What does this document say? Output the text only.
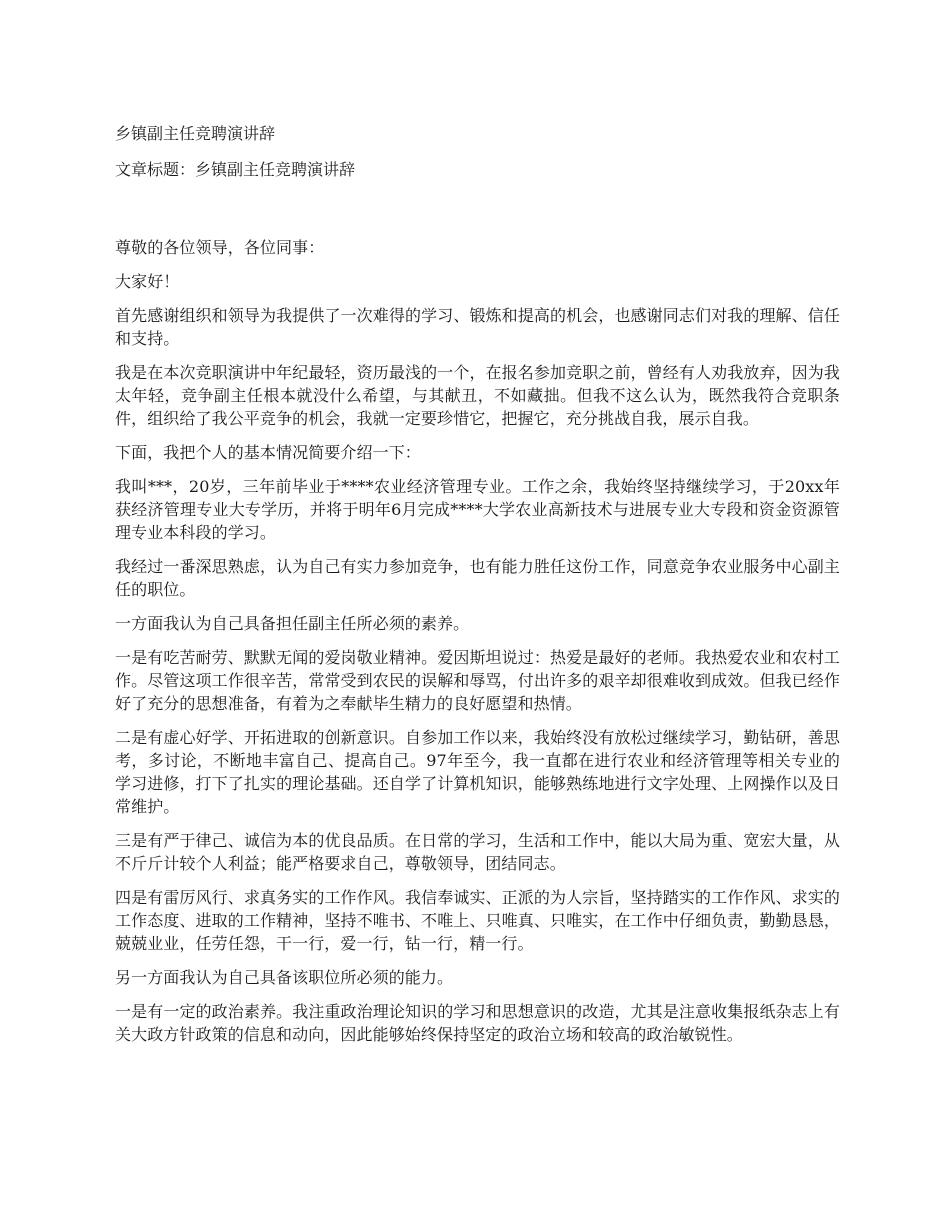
乡镇副主任竞聘演讲辞
文章标题：乡镇副主任竞聘演讲辞
尊敬的各位领导，各位同事：
大家好！
首先感谢组织和领导为我提供了一次难得的学习、锻炼和提高的机会，也感谢同志们对我的理解、信任和支持。
我是在本次竞职演讲中年纪最轻，资历最浅的一个，在报名参加竞职之前，曾经有人劝我放弃，因为我太年轻，竞争副主任根本就没什么希望，与其献丑，不如藏拙。但我不这么认为，既然我符合竞职条件，组织给了我公平竞争的机会，我就一定要珍惜它，把握它，充分挑战自我，展示自我。
下面，我把个人的基本情况简要介绍一下：
我叫***，20岁，三年前毕业于****农业经济管理专业。工作之余，我始终坚持继续学习，于20xx年获经济管理专业大专学历，并将于明年6月完成****大学农业高新技术与进展专业大专段和资金资源管理专业本科段的学习。
我经过一番深思熟虑，认为自己有实力参加竞争，也有能力胜任这份工作，同意竞争农业服务中心副主任的职位。
一方面我认为自己具备担任副主任所必须的素养。
一是有吃苦耐劳、默默无闻的爱岗敬业精神。爱因斯坦说过：热爱是最好的老师。我热爱农业和农村工作。尽管这项工作很辛苦，常常受到农民的误解和辱骂，付出许多的艰辛却很难收到成效。但我已经作好了充分的思想准备，有着为之奉献毕生精力的良好愿望和热情。
二是有虚心好学、开拓进取的创新意识。自参加工作以来，我始终没有放松过继续学习，勤钻研，善思考，多讨论，不断地丰富自己、提高自己。97年至今，我一直都在进行农业和经济管理等相关专业的学习进修，打下了扎实的理论基础。还自学了计算机知识，能够熟练地进行文字处理、上网操作以及日常维护。
三是有严于律己、诚信为本的优良品质。在日常的学习，生活和工作中，能以大局为重、宽宏大量，从不斤斤计较个人利益；能严格要求自己，尊敬领导，团结同志。
四是有雷厉风行、求真务实的工作作风。我信奉诚实、正派的为人宗旨，坚持踏实的工作作风、求实的工作态度、进取的工作精神，坚持不唯书、不唯上、只唯真、只唯实，在工作中仔细负责，勤勤恳恳，兢兢业业，任劳任怨，干一行，爱一行，钻一行，精一行。
另一方面我认为自己具备该职位所必须的能力。
一是有一定的政治素养。我注重政治理论知识的学习和思想意识的改造，尤其是注意收集报纸杂志上有关大政方针政策的信息和动向，因此能够始终保持坚定的政治立场和较高的政治敏锐性。
